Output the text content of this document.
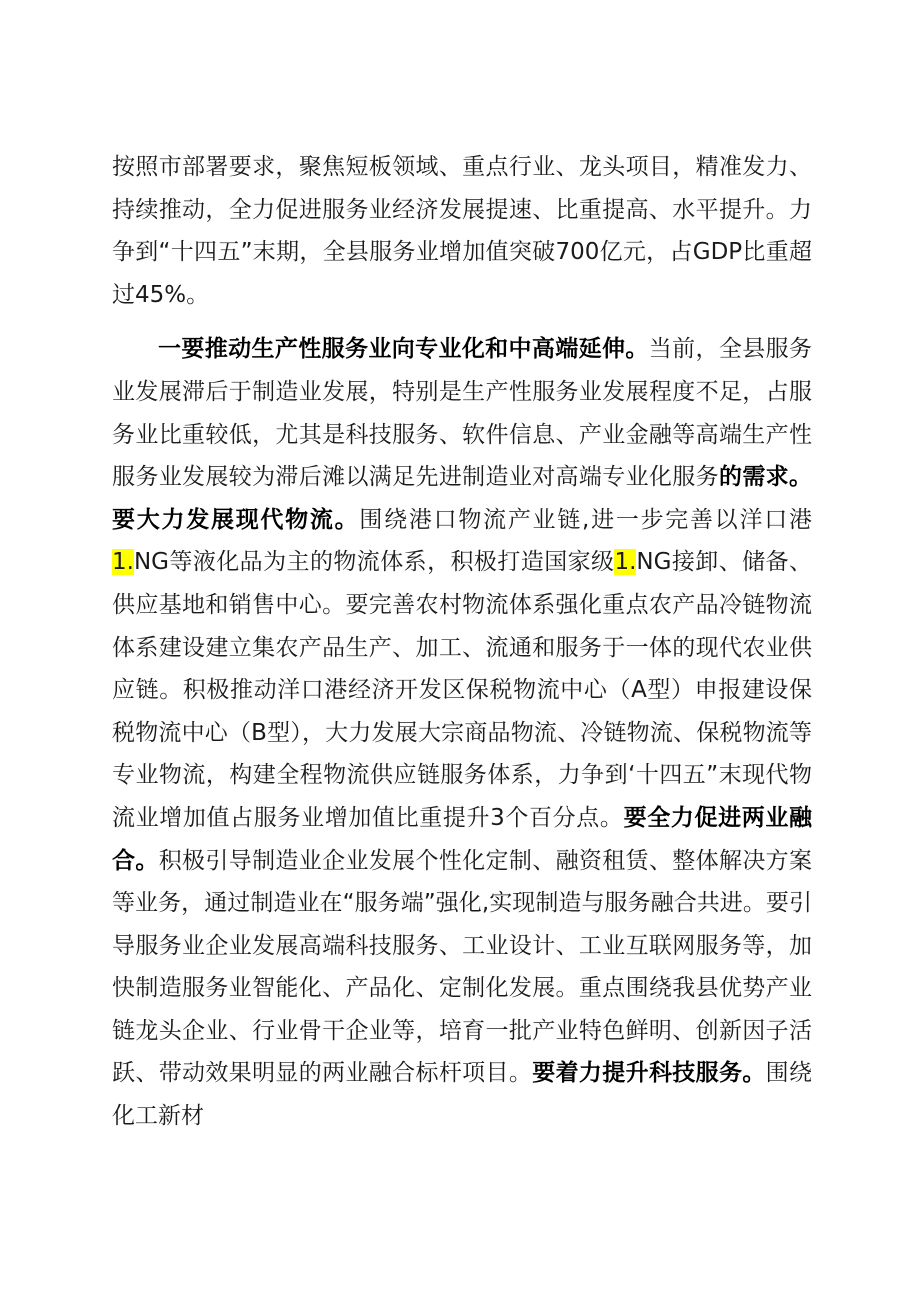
按照市部署要求，聚焦短板领域、重点行业、龙头项目，精准发力、持续推动，全力促进服务业经济发展提速、比重提高、水平提升。力争到“十四五”末期，全县服务业增加值突破700亿元，占GDP比重超过45%。

一要推动生产性服务业向专业化和中高端延伸。当前，全县服务业发展滞后于制造业发展，特别是生产性服务业发展程度不足，占服务业比重较低，尤其是科技服务、软件信息、产业金融等高端生产性服务业发展较为滞后滩以满足先进制造业对高端专业化服务的需求。要大力发展现代物流。围绕港口物流产业链,进一步完善以洋口港1.NG等液化品为主的物流体系，积极打造国家级1.NG接卸、储备、供应基地和销售中心。要完善农村物流体系强化重点农产品冷链物流体系建设建立集农产品生产、加工、流通和服务于一体的现代农业供应链。积极推动洋口港经济开发区保税物流中心（A型）申报建设保税物流中心（B型），大力发展大宗商品物流、冷链物流、保税物流等专业物流，构建全程物流供应链服务体系，力争到‘十四五”末现代物流业增加值占服务业增加值比重提升3个百分点。要全力促进两业融合。积极引导制造业企业发展个性化定制、融资租赁、整体解决方案等业务，通过制造业在“服务端”强化,实现制造与服务融合共进。要引导服务业企业发展高端科技服务、工业设计、工业互联网服务等，加快制造服务业智能化、产品化、定制化发展。重点围绕我县优势产业链龙头企业、行业骨干企业等，培育一批产业特色鲜明、创新因子活跃、带动效果明显的两业融合标杆项目。要着力提升科技服务。围绕化工新材
